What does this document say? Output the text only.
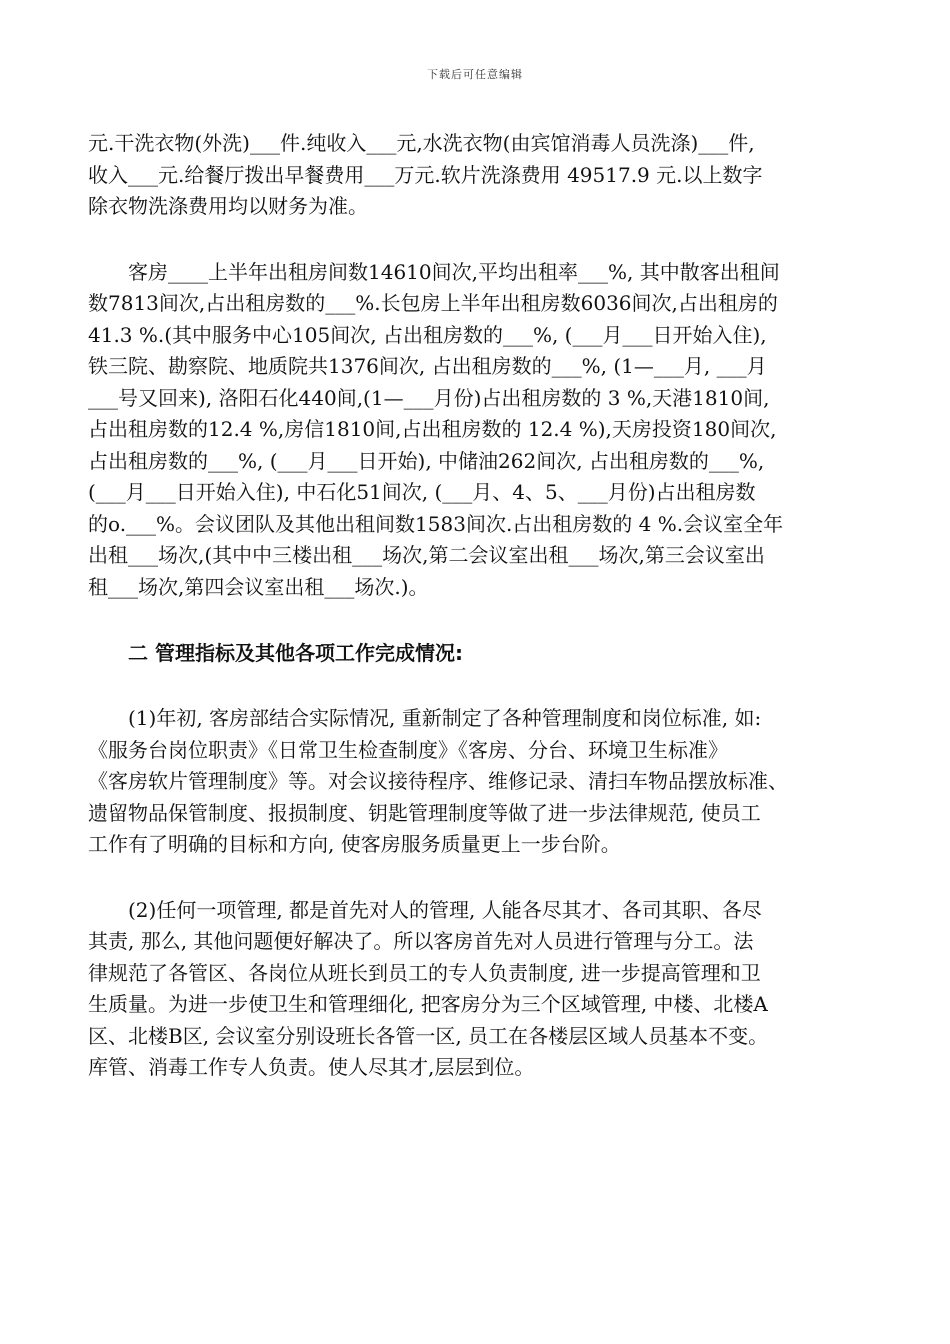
下载后可任意编辑
元.干洗衣物(外洗)___件.纯收入___元,水洗衣物(由宾馆消毒人员洗涤)___件,
收入___元.给餐厅拨出早餐费用___万元.软片洗涤费用 49517.9 元.以上数字
除衣物洗涤费用均以财务为准。
客房____上半年出租房间数14610间次,平均出租率___%, 其中散客出租间
数7813间次,占出租房数的___%.长包房上半年出租房数6036间次,占出租房的
41.3 %.(其中服务中心105间次, 占出租房数的___%, (___月___日开始入住),
铁三院、勘察院、地质院共1376间次, 占出租房数的___%, (1—___月, ___月
___号又回来), 洛阳石化440间,(1—___月份)占出租房数的 3 %,天港1810间,
占出租房数的12.4 %,房信1810间,占出租房数的 12.4 %),天房投资180间次,
占出租房数的___%, (___月___日开始), 中储油262间次, 占出租房数的___%,
(___月___日开始入住), 中石化51间次, (___月、4、5、___月份)占出租房数
的o.___%。会议团队及其他出租间数1583间次.占出租房数的 4 %.会议室全年
出租___场次,(其中中三楼出租___场次,第二会议室出租___场次,第三会议室出
租___场次,第四会议室出租___场次.)。
二 管理指标及其他各项工作完成情况:
(1)年初, 客房部结合实际情况, 重新制定了各种管理制度和岗位标准, 如:
《服务台岗位职责》《日常卫生检查制度》《客房、分台、环境卫生标准》
《客房软片管理制度》等。对会议接待程序、维修记录、清扫车物品摆放标准、
遗留物品保管制度、报损制度、钥匙管理制度等做了进一步法律规范, 使员工
工作有了明确的目标和方向, 使客房服务质量更上一步台阶。
(2)任何一项管理, 都是首先对人的管理, 人能各尽其才、各司其职、各尽
其责, 那么, 其他问题便好解决了。所以客房首先对人员进行管理与分工。法
律规范了各管区、各岗位从班长到员工的专人负责制度, 进一步提高管理和卫
生质量。为进一步使卫生和管理细化, 把客房分为三个区域管理, 中楼、北楼A
区、北楼B区, 会议室分别设班长各管一区, 员工在各楼层区域人员基本不变。
库管、消毒工作专人负责。使人尽其才,层层到位。
